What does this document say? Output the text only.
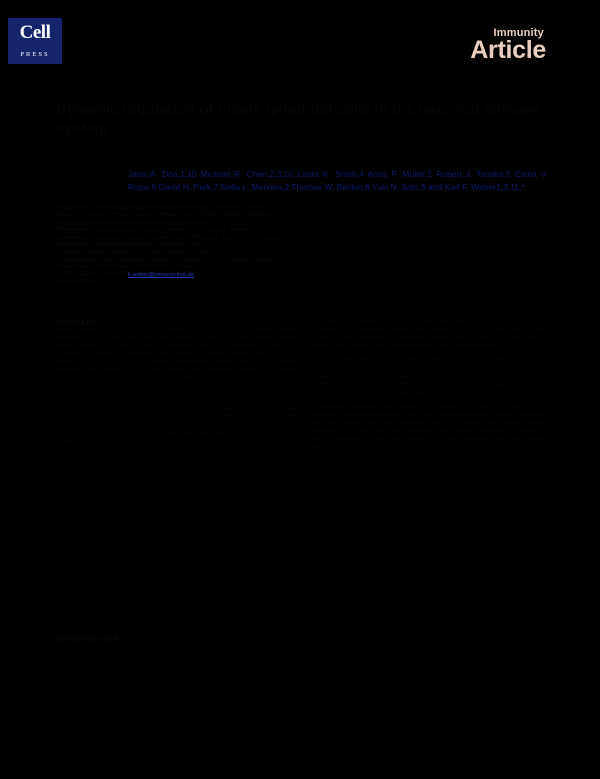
Cell
PRESS
Immunity
Article
Dynamic regulation of innate lymphoid cells in the mucosal immune system
Jane A. Doe,1,10 Michael R. Chen,2,3,10 Laura K. Smith,4 Anna P. Muller,1 Robert J. Tanaka,5 Elena V. Rossi,6 David H. Park,7 Sofia L. Mendes,2 Thomas W. Becker,8 Yuki N. Sato,9 and Karl F. Weber1,3,11,*
1Department of Immunology, Institute for Molecular Medicine, 10117 Berlin, Germany
2Division of Mucosal Immunity, University Medical Center, 69120 Heidelberg, Germany
3Center for Inflammation Research, 80336 Munich, Germany
4Department of Microbiology and Infectious Diseases, 04103 Leipzig, Germany
5Laboratory of Lymphocyte Biology, Graduate School of Medicine, Tokyo 113-0033, Japan
6Department of Experimental Medicine, 00161 Rome, Italy
7Institute of Systems Biology, 03722 Seoul, Republic of Korea
8Core Facility for Flow Cytometry and Single-Cell Genomics, 72076 Tübingen, Germany
9Department of Bioinformatics, 606-8501 Kyoto, Japan
10These authors contributed equally
11Lead contact
k.weber@immuno-inst.de
SUMMARY
INTRODUCTION

Innate lymphoid cells (ILCs) are tissue-resident effector cells that orchestrate barrier immunity, yet the signals that sustain their identity and plasticity in the intestinal mucosa remain incompletely defined. Here, we combined single-cell transcriptomics, chromatin accessibility profiling, and conditional genetic models to chart the dynamic regulation of ILC subsets along the gut axis. We identified a transcriptional module driven by the nuclear receptor RORγt together with AP-1 family members that stabilized the group 3 ILC program and restrained conversion toward an interferon-γ-producing group 1 phenotype.

Disruption of this module in vivo lowered the threshold for plasticity, expanded ex-ILC3 populations, and exacerbated colitis after epithelial injury. Conversely, enforced expression of the module restored barrier integrity and limited pathology. Microbial cues acting through the aryl hydrocarbon receptor reinforced the module in a dose-dependent manner, coupling luminal metabolite availability to ILC fate stability. Together, our data define a regulatory circuit that dynamically tunes ILC identity and suggest that targeting this circuit may restrain chronic inflammation at mucosal surfaces.

type 2 responses, and group 3 ILCs (ILC3s) that produce interleukin-17A (IL-17A) and IL-22 and depend on the transcription factor RORγt (Smith et al., 2021). Although these divisions provide a useful framework, accumulating evidence indicates that ILC subsets are not terminally fixed and can interconvert in response to local cytokine milieus.

Plasticity has been documented most clearly between ILC3s and ILC1s, where IL-12 and IL-18 drive the downregulation of RORγt and the acquisition of T-bet and interferon-γ (IFN-γ) expression (Park et al., 2019; Rossi and Chen, 2020). Such ex-ILC3 populations accumulate in inflamed intestinal tissue of patients with Crohn's disease, suggesting that unchecked conversion contributes to pathology rather than to protective immunity.

The molecular determinants that stabilize ILC identity in the steady state are less well understood. Chromatin accessibility studies have suggested that lineage-defining transcription factors act together with signal-dependent factors to maintain subset-specific enhancer landscapes (Weber et al., 2022; Sato and Becker, 2018). Whether such enhancer networks are actively maintained, and how they respond to microbial and dietary inputs, has remained unclear.

Innate lymphoid cells are enriched at mucosal barriers, where they respond rapidly to tissue-derived alarmins and microbial products (Doe et al., 2020; Müller et al., 2019). They are broadly classified into group 1 ILCs that secrete interferon-γ, group 2 ILCs that produce IL-5 and IL-13 and promote
